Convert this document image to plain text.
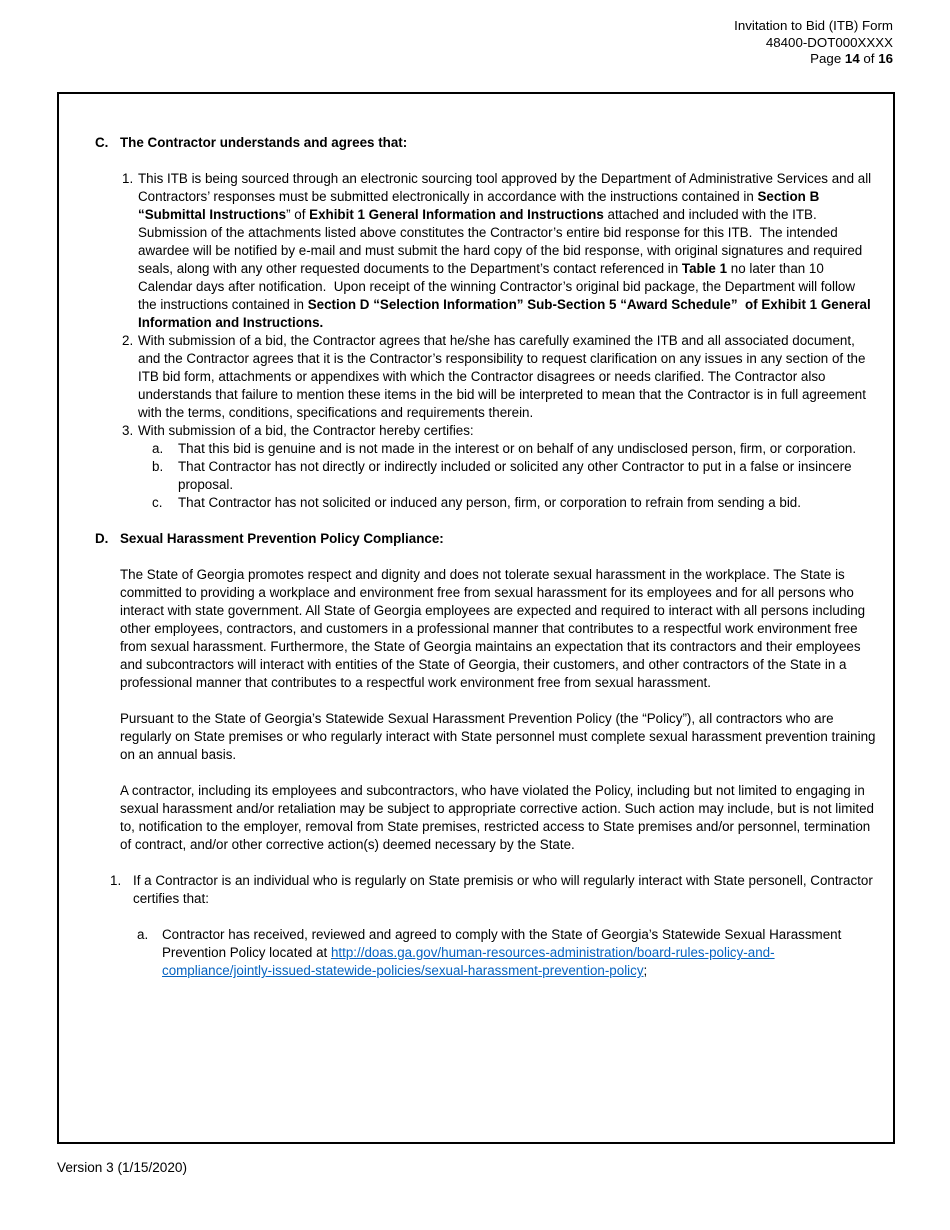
Invitation to Bid (ITB) Form
48400-DOT000XXXX
Page 14 of 16
C. The Contractor understands and agrees that:
1. This ITB is being sourced through an electronic sourcing tool approved by the Department of Administrative Services and all Contractors’ responses must be submitted electronically in accordance with the instructions contained in Section B “Submittal Instructions” of Exhibit 1 General Information and Instructions attached and included with the ITB. Submission of the attachments listed above constitutes the Contractor’s entire bid response for this ITB.  The intended awardee will be notified by e-mail and must submit the hard copy of the bid response, with original signatures and required seals, along with any other requested documents to the Department’s contact referenced in Table 1 no later than 10 Calendar days after notification.  Upon receipt of the winning Contractor’s original bid package, the Department will follow the instructions contained in Section D “Selection Information” Sub-Section 5 “Award Schedule”  of Exhibit 1 General Information and Instructions.
2. With submission of a bid, the Contractor agrees that he/she has carefully examined the ITB and all associated document, and the Contractor agrees that it is the Contractor’s responsibility to request clarification on any issues in any section of the ITB bid form, attachments or appendixes with which the Contractor disagrees or needs clarified. The Contractor also understands that failure to mention these items in the bid will be interpreted to mean that the Contractor is in full agreement with the terms, conditions, specifications and requirements therein.
3. With submission of a bid, the Contractor hereby certifies:
a.	That this bid is genuine and is not made in the interest or on behalf of any undisclosed person, firm, or corporation.
b.	That Contractor has not directly or indirectly included or solicited any other Contractor to put in a false or insincere proposal.
c.	That Contractor has not solicited or induced any person, firm, or corporation to refrain from sending a bid.
D. Sexual Harassment Prevention Policy Compliance:
The State of Georgia promotes respect and dignity and does not tolerate sexual harassment in the workplace. The State is committed to providing a workplace and environment free from sexual harassment for its employees and for all persons who interact with state government. All State of Georgia employees are expected and required to interact with all persons including other employees, contractors, and customers in a professional manner that contributes to a respectful work environment free from sexual harassment. Furthermore, the State of Georgia maintains an expectation that its contractors and their employees and subcontractors will interact with entities of the State of Georgia, their customers, and other contractors of the State in a professional manner that contributes to a respectful work environment free from sexual harassment.
Pursuant to the State of Georgia’s Statewide Sexual Harassment Prevention Policy (the “Policy”), all contractors who are regularly on State premises or who regularly interact with State personnel must complete sexual harassment prevention training on an annual basis.
A contractor, including its employees and subcontractors, who have violated the Policy, including but not limited to engaging in sexual harassment and/or retaliation may be subject to appropriate corrective action. Such action may include, but is not limited to, notification to the employer, removal from State premises, restricted access to State premises and/or personnel, termination of contract, and/or other corrective action(s) deemed necessary by the State.
1. If a Contractor is an individual who is regularly on State premisis or who will regularly interact with State personell, Contractor certifies that:
a.	Contractor has received, reviewed and agreed to comply with the State of Georgia’s Statewide Sexual Harassment Prevention Policy located at http://doas.ga.gov/human-resources-administration/board-rules-policy-and-compliance/jointly-issued-statewide-policies/sexual-harassment-prevention-policy;
Version 3 (1/15/2020)
